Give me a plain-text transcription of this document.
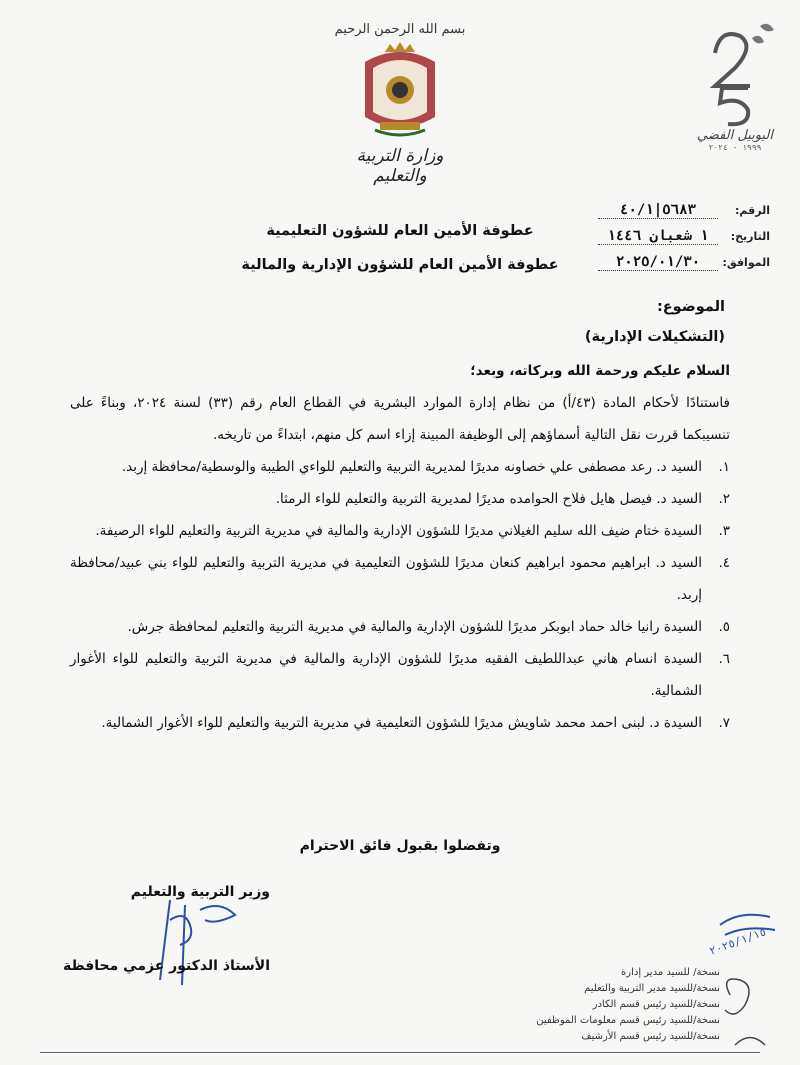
بسم الله الرحمن الرحيم
وزارة التربية والتعليم
اليوبيل الفضي
١٩٩٩ - ٢٠٢٤
الرقم:
٥٦٨٣|٤٠/١
التاريخ:
١ شعبان ١٤٤٦
الموافق:
٢٠٢٥/٠١/٣٠
عطوفة الأمين العام للشؤون التعليمية
عطوفة الأمين العام للشؤون الإدارية والمالية
الموضوع:
(التشكيلات الإدارية)

السلام عليكم ورحمة الله وبركاته، وبعد؛

فاستنادًا لأحكام المادة (٤٣/أ) من نظام إدارة الموارد البشرية في القطاع العام رقم (٣٣) لسنة ٢٠٢٤، وبناءً على تنسيبكما قررت نقل التالية أسماؤهم إلى الوظيفة المبينة إزاء اسم كل منهم، ابتداءً من تاريخه.

١.
السيد د. رعد مصطفى علي خصاونه مديرًا لمديرية التربية والتعليم للواءي الطيبة والوسطية/محافظة إربد.
٢.
السيد د. فيصل هايل فلاح الحوامده مديرًا لمديرية التربية والتعليم للواء الرمثا.
٣.
السيدة ختام ضيف الله سليم الغيلاني مديرًا للشؤون الإدارية والمالية في مديرية التربية والتعليم للواء الرصيفة.
٤.
السيد د. ابراهيم محمود ابراهيم كنعان مديرًا للشؤون التعليمية في مديرية التربية والتعليم للواء بني عبيد/محافظة إربد.
٥.
السيدة رانيا خالد حماد ابوبكر مديرًا للشؤون الإدارية والمالية في مديرية التربية والتعليم لمحافظة جرش.
٦.
السيدة انسام هاني عبداللطيف الفقيه مديرًا للشؤون الإدارية والمالية في مديرية التربية والتعليم للواء الأغوار الشمالية.
٧.
السيدة د. لبنى احمد محمد شاويش مديرًا للشؤون التعليمية في مديرية التربية والتعليم للواء الأغوار الشمالية.
وتفضلوا بقبول فائق الاحترام
وزير التربية والتعليم
الأستاذ الدكتور عزمي محافظة	نسخة/ للسيد مدير إدارة
نسخة/للسيد مدير التربية والتعليم
نسخة/للسيد رئيس قسم الكادر
نسخة/للسيد رئيس قسم معلومات الموظفين
نسخة/للسيد رئيس قسم الأرشيف
٢٠٢٥/١/١٥
